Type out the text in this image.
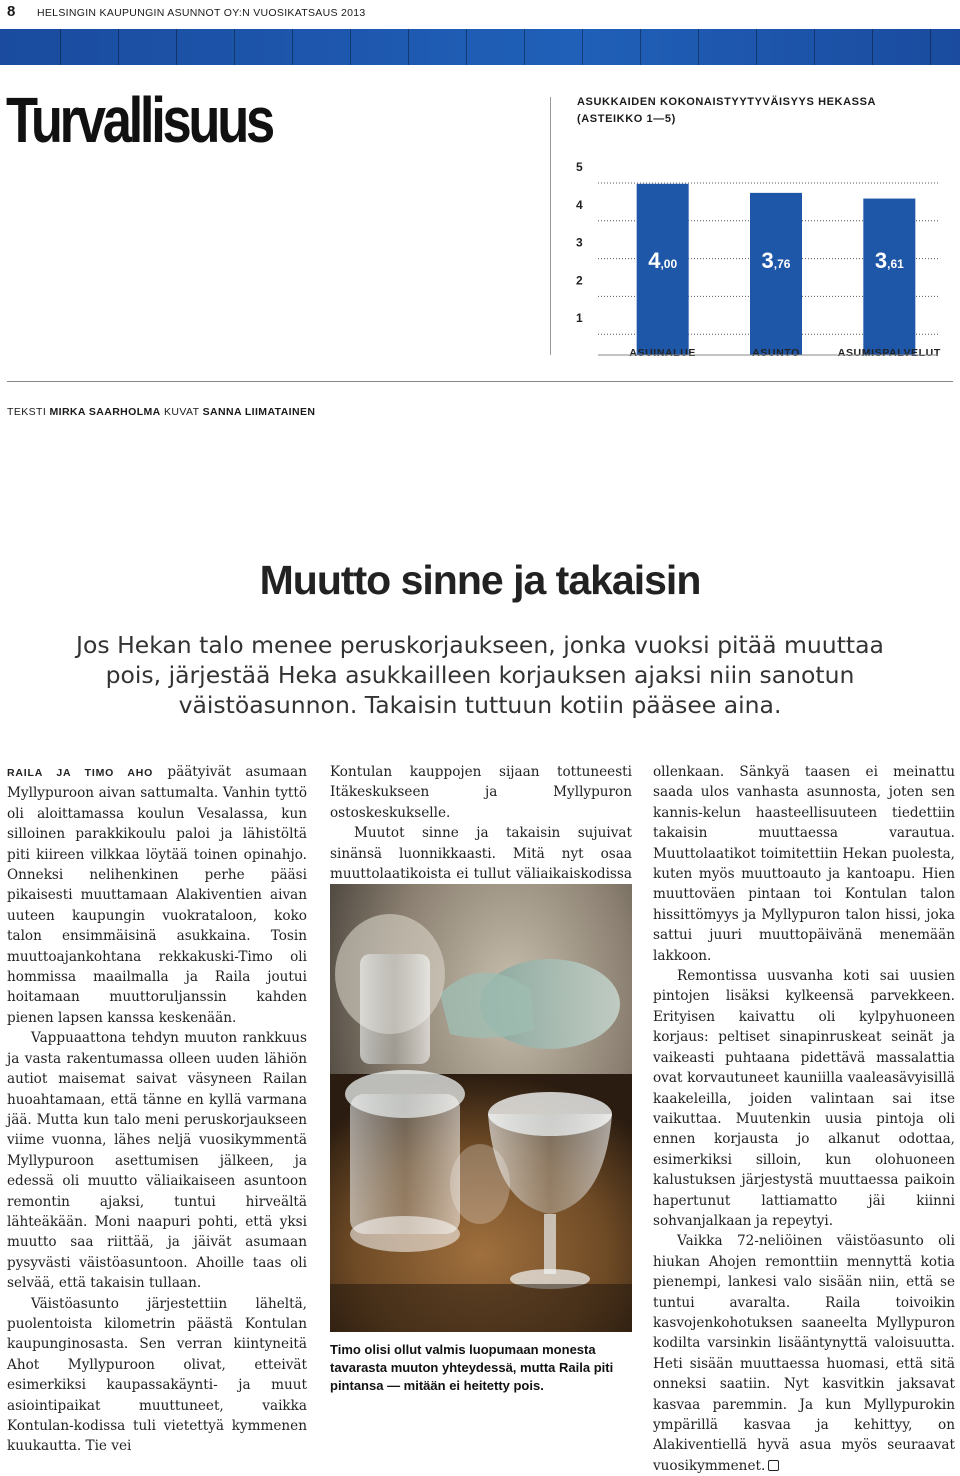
8 HELSINGIN KAUPUNGIN ASUNNOT OY:N VUOSIKATSAUS 2013
Turvallisuus	ASUKKAIDEN KOKONAISTYYTYVÄISYYS HEKASSA
(ASTEIKKO 1—5)
1
2
3
4
5
4,00
ASUINALUE
3,76
ASUNTO
3,61
ASUMISPALVELUT
TEKSTI MIRKA SAARHOLMA KUVAT SANNA LIIMATAINEN
Muutto sinne ja takaisin
Jos Hekan talo menee peruskorjaukseen, jonka vuoksi pitää muuttaa pois, järjestää Heka asukkailleen korjauksen ajaksi niin sanotun väistöasunnon. Takaisin tuttuun kotiin pääsee aina.

RAILA JA TIMO AHO päätyivät asumaan Myllypuroon aivan sattumalta. Vanhin tyttö oli aloittamassa koulun Vesalassa, kun silloinen parakkikoulu paloi ja lähistöltä piti kiireen vilkkaa löytää toinen opinahjo. Onneksi nelihenkinen perhe pääsi pikaisesti muuttamaan Alakiventien aivan uuteen kaupungin vuokrataloon, koko talon ensimmäisinä asukkaina. Tosin muuttoajankohtana rekkakuski-Timo oli hommissa maailmalla ja Raila joutui hoitamaan muuttoruljanssin kahden pienen lapsen kanssa keskenään.

Vappuaattona tehdyn muuton rankkuus ja vasta rakentumassa olleen uuden lähiön autiot maisemat saivat väsyneen Railan huoahtamaan, että tänne en kyllä varmana jää. Mutta kun talo meni peruskorjaukseen viime vuonna, lähes neljä vuosikymmentä Myllypuroon asettumisen jälkeen, ja edessä oli muutto väliaikaiseen asuntoon remontin ajaksi, tuntui hirveältä lähteäkään. Moni naapuri pohti, että yksi muutto saa riittää, ja jäivät asumaan pysyvästi väistöasuntoon. Ahoille taas oli selvää, että takaisin tullaan.

Väistöasunto järjestettiin läheltä, puolentoista kilometrin päästä Kontulan kaupunginosasta. Sen verran kiintyneitä Ahot Myllypuroon olivat, etteivät esimerkiksi kaupassakäynti- ja muut asiointipaikat muuttuneet, vaikka Kontulan-kodissa tuli vietettyä kymmenen kuukautta. Tie vei

Kontulan kauppojen sijaan tottuneesti Itäkeskukseen ja Myllypuron ostoskeskukselle.

Muutot sinne ja takaisin sujuivat sinänsä luonnikkaasti. Mitä nyt osaa muuttolaatikoista ei tullut väliaikaiskodissa

Timo olisi ollut valmis luopumaan monesta tavarasta muuton yhteydessä, mutta Raila piti pintansa — mitään ei heitetty pois.

ollenkaan. Sänkyä taasen ei meinattu saada ulos vanhasta asunnosta, joten sen kannis-kelun haasteellisuuteen tiedettiin takaisin muuttaessa varautua. Muuttolaatikot toimitettiin Hekan puolesta, kuten myös muuttoauto ja kantoapu. Hien muuttoväen pintaan toi Kontulan talon hissittömyys ja Myllypuron talon hissi, joka sattui juuri muuttopäivänä menemään lakkoon.

Remontissa uusvanha koti sai uusien pintojen lisäksi kylkeensä parvekkeen. Erityisen kaivattu oli kylpyhuoneen korjaus: peltiset sinapinruskeat seinät ja vaikeasti puhtaana pidettävä massalattia ovat korvautuneet kauniilla vaaleasävyisillä kaakeleilla, joiden valintaan sai itse vaikuttaa. Muutenkin uusia pintoja oli ennen korjausta jo alkanut odottaa, esimerkiksi silloin, kun olohuoneen kalustuksen järjestystä muuttaessa paikoin hapertunut lattiamatto jäi kiinni sohvanjalkaan ja repeytyi.

Vaikka 72-neliöinen väistöasunto oli hiukan Ahojen remonttiin mennyttä kotia pienempi, lankesi valo sisään niin, että se tuntui avaralta. Raila toivoikin kasvojenkohotuksen saaneelta Myllypuron kodilta varsinkin lisääntynyttä valoisuutta. Heti sisään muuttaessa huomasi, että sitä onneksi saatiin. Nyt kasvitkin jaksavat kasvaa paremmin. Ja kun Myllypurokin ympärillä kasvaa ja kehittyy, on Alakiventiellä hyvä asua myös seuraavat vuosikymmenet.
